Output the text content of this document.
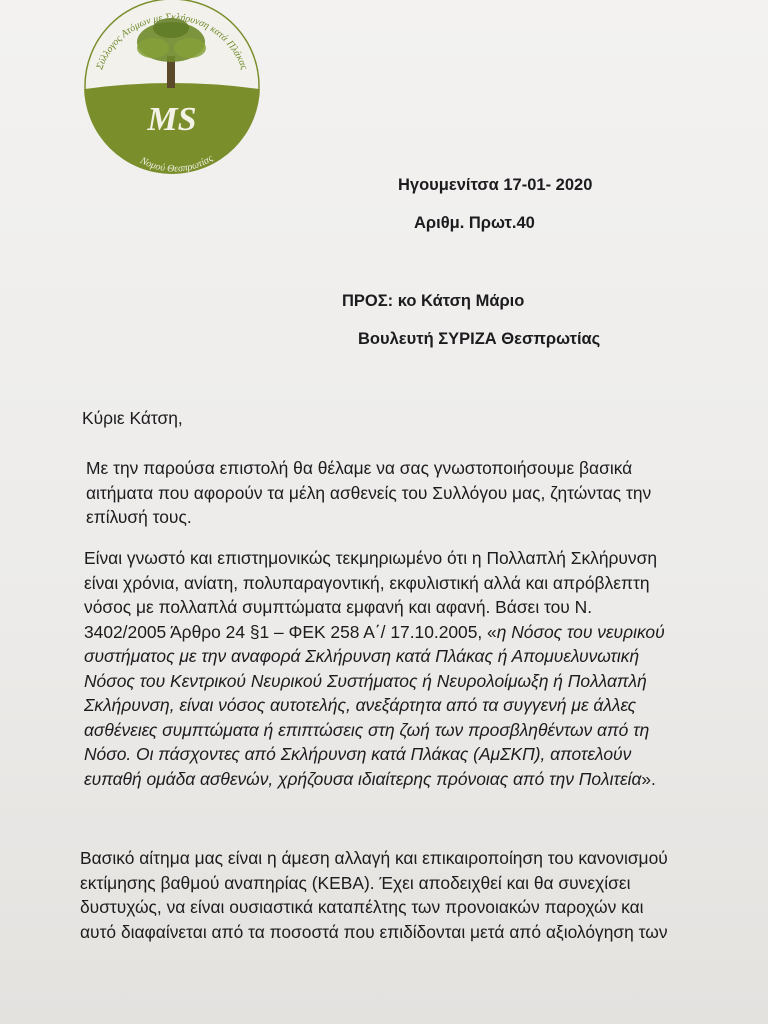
MS
Σύλλογος Ατόμων με Σκλήρυνση κατά Πλάκας
Νομού Θεσπρωτίας
Ηγουμενίτσα 17-01- 2020
Αριθμ. Πρωτ.40
ΠΡΟΣ: κο Κάτση Μάριο
Βουλευτή ΣΥΡΙΖΑ Θεσπρωτίας
Κύριε Κάτση,
Με την παρούσα επιστολή θα θέλαμε να σας γνωστοποιήσουμε βασικά
αιτήματα που αφορούν τα μέλη ασθενείς του Συλλόγου μας, ζητώντας την
επίλυσή τους.
Είναι γνωστό και επιστημονικώς τεκμηριωμένο ότι η Πολλαπλή Σκλήρυνση
είναι χρόνια, ανίατη, πολυπαραγοντική, εκφυλιστική αλλά και απρόβλεπτη
νόσος με πολλαπλά συμπτώματα εμφανή και αφανή. Βάσει του Ν.
3402/2005 Άρθρο 24 §1 – ΦΕΚ 258 Α΄/ 17.10.2005, «η Νόσος του νευρικού
συστήματος με την αναφορά Σκλήρυνση κατά Πλάκας ή Απομυελυνωτική
Νόσος του Κεντρικού Νευρικού Συστήματος ή Νευρολοίμωξη ή Πολλαπλή
Σκλήρυνση, είναι νόσος αυτοτελής, ανεξάρτητα από τα συγγενή με άλλες
ασθένειες συμπτώματα ή επιπτώσεις στη ζωή των προσβληθέντων από τη
Νόσο. Οι πάσχοντες από Σκλήρυνση κατά Πλάκας (ΑμΣΚΠ), αποτελούν
ευπαθή ομάδα ασθενών, χρήζουσα ιδιαίτερης πρόνοιας από την Πολιτεία».
Βασικό αίτημα μας είναι η άμεση αλλαγή και επικαιροποίηση του κανονισμού
εκτίμησης βαθμού αναπηρίας (ΚΕΒΑ). Έχει αποδειχθεί και θα συνεχίσει
δυστυχώς, να είναι ουσιαστικά καταπέλτης των προνοιακών παροχών και
αυτό διαφαίνεται από τα ποσοστά που επιδίδονται μετά από αξιολόγηση των
